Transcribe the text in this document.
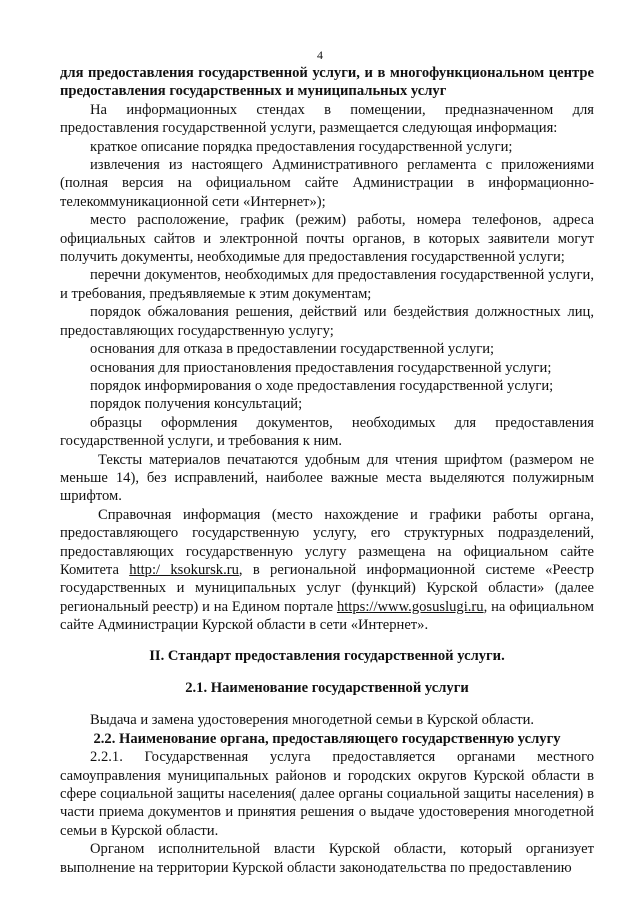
4

для предоставления государственной услуги, и в многофункциональном центре предоставления государственных и муниципальных услуг

На информационных стендах в помещении, предназначенном для предоставления государственной услуги, размещается следующая информация:

краткое описание порядка предоставления государственной услуги;

извлечения из настоящего Административного регламента с приложениями (полная версия на официальном сайте Администрации в информационно-телекоммуникационной сети «Интернет»);

место расположение, график (режим) работы, номера телефонов, адреса официальных сайтов и электронной почты органов, в которых заявители могут получить документы, необходимые для предоставления государственной услуги;

перечни документов, необходимых для предоставления государственной услуги, и требования, предъявляемые к этим документам;

порядок обжалования решения, действий или бездействия должностных лиц, предоставляющих государственную услугу;

основания для отказа в предоставлении государственной услуги;

основания для приостановления предоставления государственной услуги;

порядок информирования о ходе предоставления государственной услуги;

порядок получения консультаций;

образцы оформления документов, необходимых для предоставления государственной услуги, и требования к ним.

Тексты материалов печатаются удобным для чтения шрифтом (размером не меньше 14), без исправлений, наиболее важные места выделяются полужирным шрифтом.

Справочная информация (место нахождение и графики работы органа, предоставляющего государственную услугу, его структурных подразделений, предоставляющих государственную услугу размещена на официальном сайте Комитета http:/ ksokursk.ru, в региональной информационной системе «Реестр государственных и муниципальных услуг (функций) Курской области» (далее региональный реестр) и на Едином портале https://www.gosuslugi.ru, на официальном сайте Администрации Курской области в сети «Интернет».

II. Стандарт предоставления государственной услуги.

2.1. Наименование государственной услуги

Выдача и замена удостоверения многодетной семьи в Курской области.

2.2. Наименование органа, предоставляющего государственную услугу

2.2.1. Государственная услуга предоставляется органами местного самоуправления муниципальных районов и городских округов Курской области в сфере социальной защиты населения( далее органы социальной защиты населения) в части приема документов и принятия решения о выдаче удостоверения многодетной семьи в Курской области.

Органом исполнительной власти Курской области, который организует выполнение на территории Курской области законодательства по предоставлению
